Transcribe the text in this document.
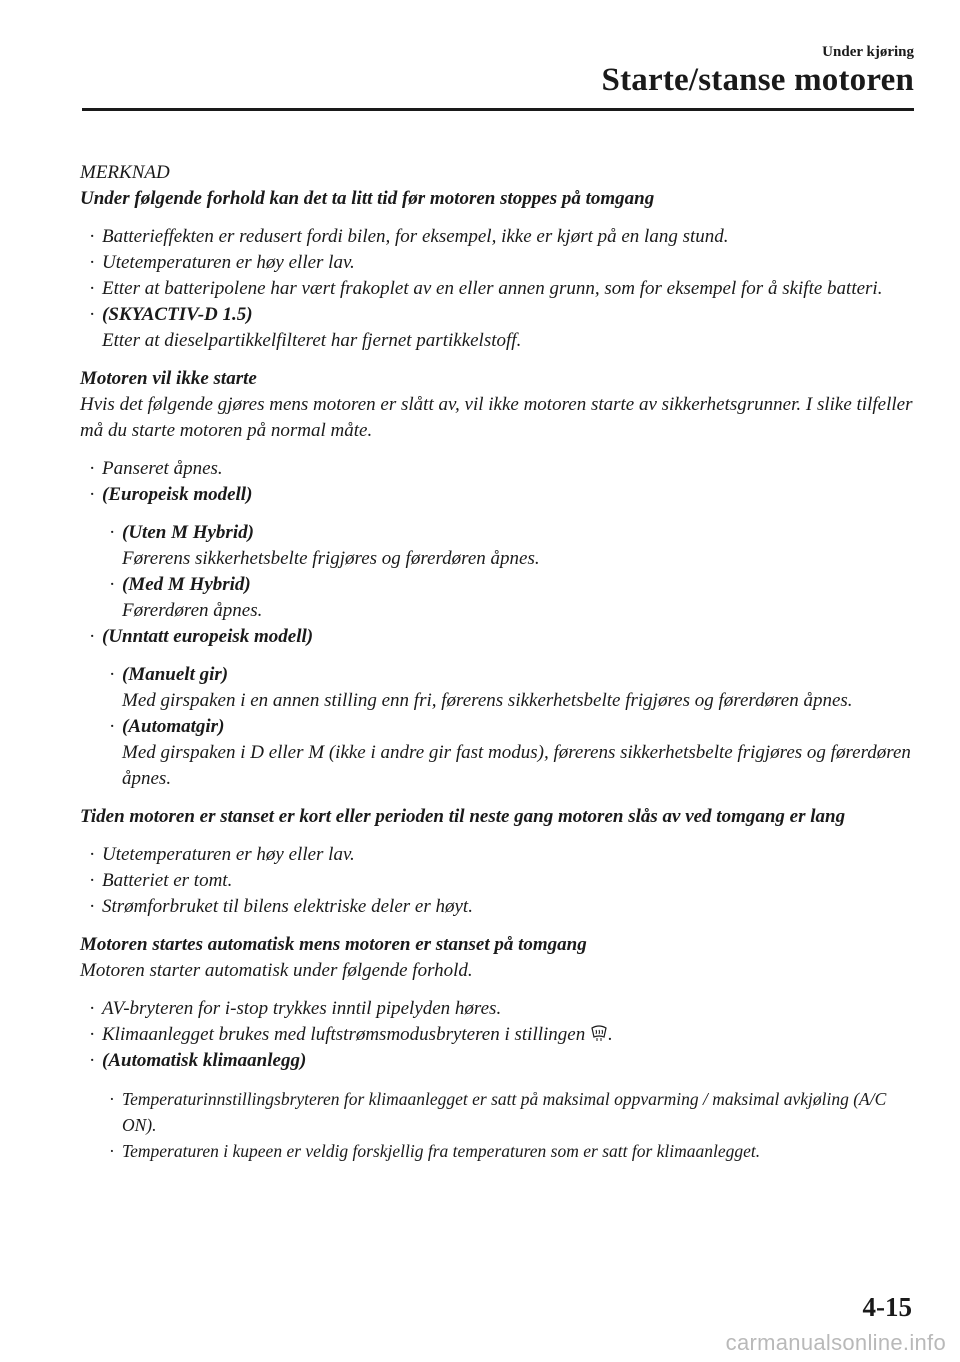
Under kjøring
Starte/stanse motoren

MERKNAD

Under følgende forhold kan det ta litt tid før motoren stoppes på tomgang

· Batterieffekten er redusert fordi bilen, for eksempel, ikke er kjørt på en lang stund.
· Utetemperaturen er høy eller lav.
· Etter at batteripolene har vært frakoplet av en eller annen grunn, som for eksempel for å skifte batteri.
· (SKYACTIV-D 1.5)
Etter at dieselpartikkelfilteret har fjernet partikkelstoff.

Motoren vil ikke starte

Hvis det følgende gjøres mens motoren er slått av, vil ikke motoren starte av sikkerhetsgrunner. I slike tilfeller må du starte motoren på normal måte.

· Panseret åpnes.
· (Europeisk modell)
· (Uten M Hybrid)
Førerens sikkerhetsbelte frigjøres og førerdøren åpnes.
· (Med M Hybrid)
Førerdøren åpnes.
· (Unntatt europeisk modell)
· (Manuelt gir)
Med girspaken i en annen stilling enn fri, førerens sikkerhetsbelte frigjøres og førerdøren åpnes.
· (Automatgir)
Med girspaken i D eller M (ikke i andre gir fast modus), førerens sikkerhetsbelte frigjøres og førerdøren åpnes.

Tiden motoren er stanset er kort eller perioden til neste gang motoren slås av ved tomgang er lang

· Utetemperaturen er høy eller lav.
· Batteriet er tomt.
· Strømforbruket til bilens elektriske deler er høyt.

Motoren startes automatisk mens motoren er stanset på tomgang

Motoren starter automatisk under følgende forhold.

· AV-bryteren for i-stop trykkes inntil pipelyden høres.
· Klimaanlegget brukes med luftstrømsmodusbryteren i stillingen .
· (Automatisk klimaanlegg)
· Temperaturinnstillingsbryteren for klimaanlegget er satt på maksimal oppvarming / maksimal avkjøling (A/C ON).
· Temperaturen i kupeen er veldig forskjellig fra temperaturen som er satt for klimaanlegget.
4-15
carmanualsonline.info
